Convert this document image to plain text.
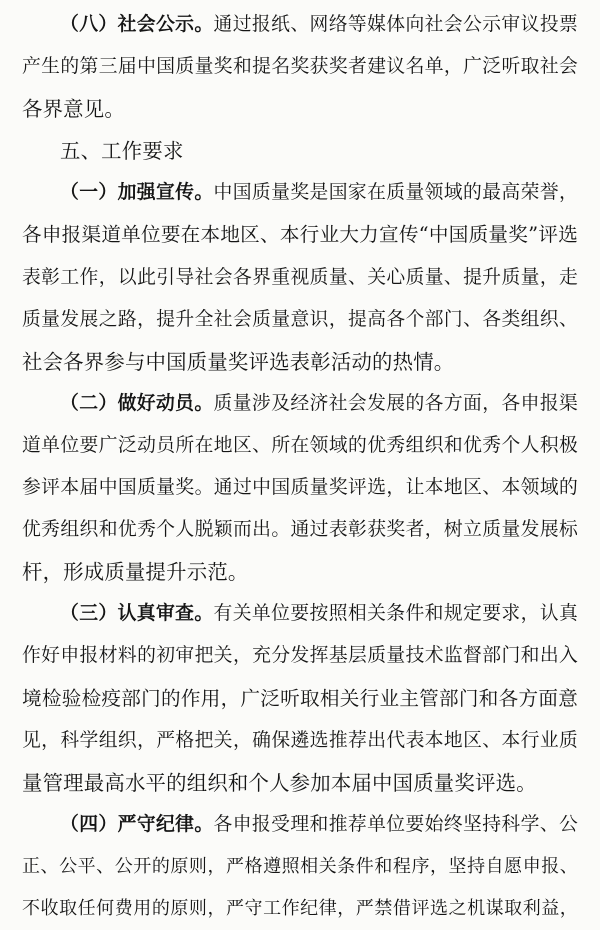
（八）社会公示。通过报纸、网络等媒体向社会公示审议投票
产生的第三届中国质量奖和提名奖获奖者建议名单，广泛听取社会
各界意见。
五、工作要求
（一）加强宣传。中国质量奖是国家在质量领域的最高荣誉，
各申报渠道单位要在本地区、本行业大力宣传“中国质量奖”评选
表彰工作，以此引导社会各界重视质量、关心质量、提升质量，走
质量发展之路，提升全社会质量意识，提高各个部门、各类组织、
社会各界参与中国质量奖评选表彰活动的热情。
（二）做好动员。质量涉及经济社会发展的各方面，各申报渠
道单位要广泛动员所在地区、所在领域的优秀组织和优秀个人积极
参评本届中国质量奖。通过中国质量奖评选，让本地区、本领域的
优秀组织和优秀个人脱颖而出。通过表彰获奖者，树立质量发展标
杆，形成质量提升示范。
（三）认真审查。有关单位要按照相关条件和规定要求，认真
作好申报材料的初审把关，充分发挥基层质量技术监督部门和出入
境检验检疫部门的作用，广泛听取相关行业主管部门和各方面意
见，科学组织，严格把关，确保遴选推荐出代表本地区、本行业质
量管理最高水平的组织和个人参加本届中国质量奖评选。
（四）严守纪律。各申报受理和推荐单位要始终坚持科学、公
正、公平、公开的原则，严格遵照相关条件和程序，坚持自愿申报、
不收取任何费用的原则，严守工作纪律，严禁借评选之机谋取利益，
